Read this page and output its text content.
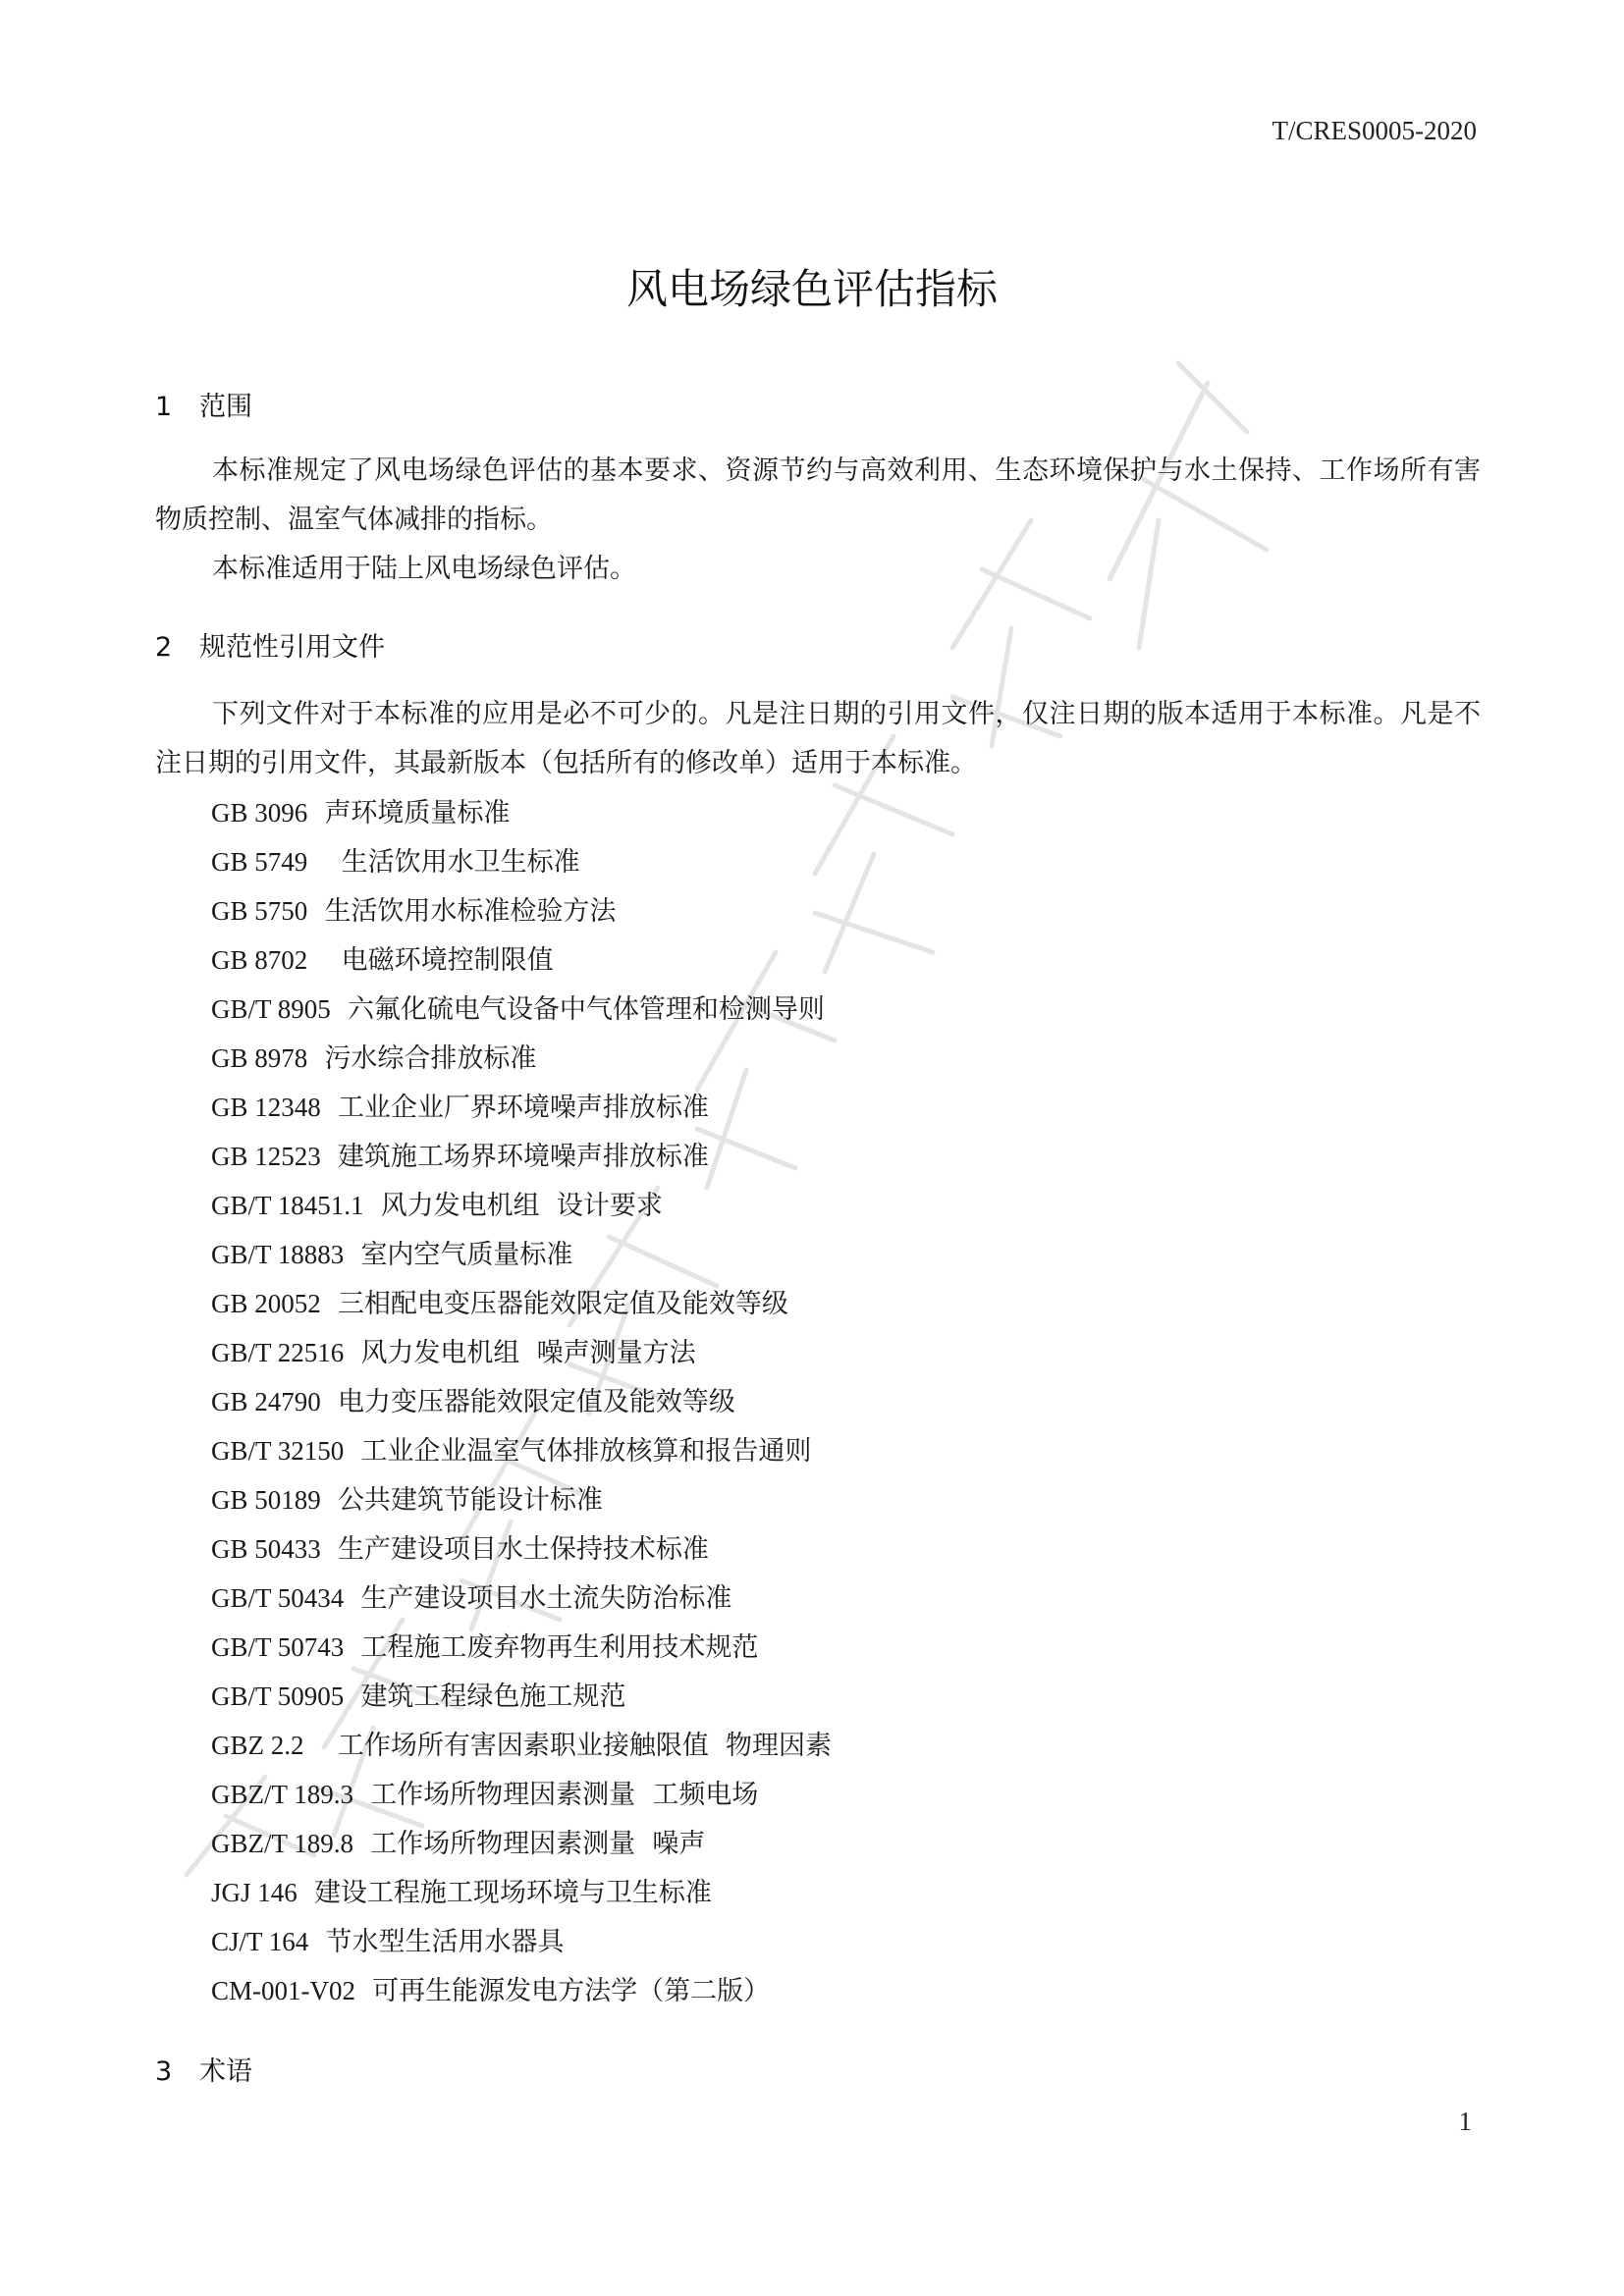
T/CRES0005-2020
风电场绿色评估指标
1 范围
本标准规定了风电场绿色评估的基本要求、资源节约与高效利用、生态环境保护与水土保持、工作场所有害物质控制、温室气体减排的指标。
本标准适用于陆上风电场绿色评估。
2 规范性引用文件
下列文件对于本标准的应用是必不可少的。凡是注日期的引用文件，仅注日期的版本适用于本标准。凡是不注日期的引用文件，其最新版本（包括所有的修改单）适用于本标准。
GB 3096 声环境质量标准
GB 5749    生活饮用水卫生标准
GB 5750 生活饮用水标准检验方法
GB 8702    电磁环境控制限值
GB/T 8905 六氟化硫电气设备中气体管理和检测导则
GB 8978 污水综合排放标准
GB 12348 工业企业厂界环境噪声排放标准
GB 12523 建筑施工场界环境噪声排放标准
GB/T 18451.1 风力发电机组  设计要求
GB/T 18883 室内空气质量标准
GB 20052 三相配电变压器能效限定值及能效等级
GB/T 22516 风力发电机组  噪声测量方法
GB 24790 电力变压器能效限定值及能效等级
GB/T 32150 工业企业温室气体排放核算和报告通则
GB 50189 公共建筑节能设计标准
GB 50433 生产建设项目水土保持技术标准
GB/T 50434 生产建设项目水土流失防治标准
GB/T 50743 工程施工废弃物再生利用技术规范
GB/T 50905 建筑工程绿色施工规范
GBZ 2.2    工作场所有害因素职业接触限值  物理因素
GBZ/T 189.3 工作场所物理因素测量  工频电场
GBZ/T 189.8 工作场所物理因素测量  噪声
JGJ 146 建设工程施工现场环境与卫生标准
CJ/T 164 节水型生活用水器具
CM-001-V02 可再生能源发电方法学（第二版）
3 术语
1
